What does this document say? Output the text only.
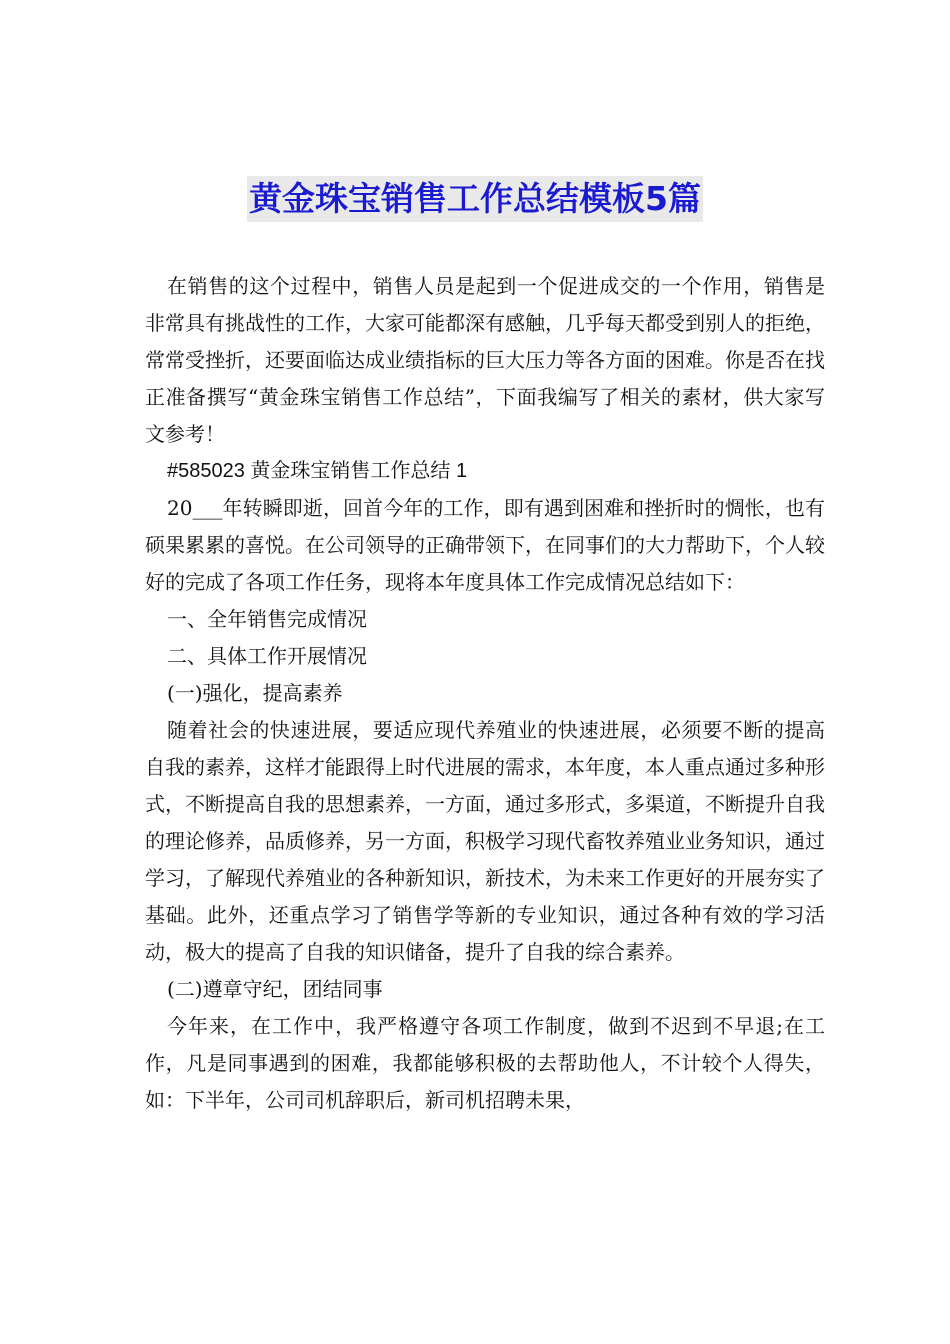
黄金珠宝销售工作总结模板5篇

在销售的这个过程中，销售人员是起到一个促进成交的一个作用，销售是非常具有挑战性的工作，大家可能都深有感触，几乎每天都受到别人的拒绝，常常受挫折，还要面临达成业绩指标的巨大压力等各方面的困难。你是否在找正准备撰写“黄金珠宝销售工作总结”，下面我编写了相关的素材，供大家写文参考！

#585023 黄金珠宝销售工作总结 1

20___年转瞬即逝，回首今年的工作，即有遇到困难和挫折时的惆怅，也有硕果累累的喜悦。在公司领导的正确带领下，在同事们的大力帮助下，个人较好的完成了各项工作任务，现将本年度具体工作完成情况总结如下：

一、全年销售完成情况

二、具体工作开展情况

(一)强化，提高素养

随着社会的快速进展，要适应现代养殖业的快速进展，必须要不断的提高自我的素养，这样才能跟得上时代进展的需求，本年度，本人重点通过多种形式，不断提高自我的思想素养，一方面，通过多形式，多渠道，不断提升自我的理论修养，品质修养，另一方面，积极学习现代畜牧养殖业业务知识，通过学习，了解现代养殖业的各种新知识，新技术，为未来工作更好的开展夯实了基础。此外，还重点学习了销售学等新的专业知识，通过各种有效的学习活动，极大的提高了自我的知识储备，提升了自我的综合素养。

(二)遵章守纪，团结同事

今年来，在工作中，我严格遵守各项工作制度，做到不迟到不早退;在工作，凡是同事遇到的困难，我都能够积极的去帮助他人，不计较个人得失，如：下半年，公司司机辞职后，新司机招聘未果，
